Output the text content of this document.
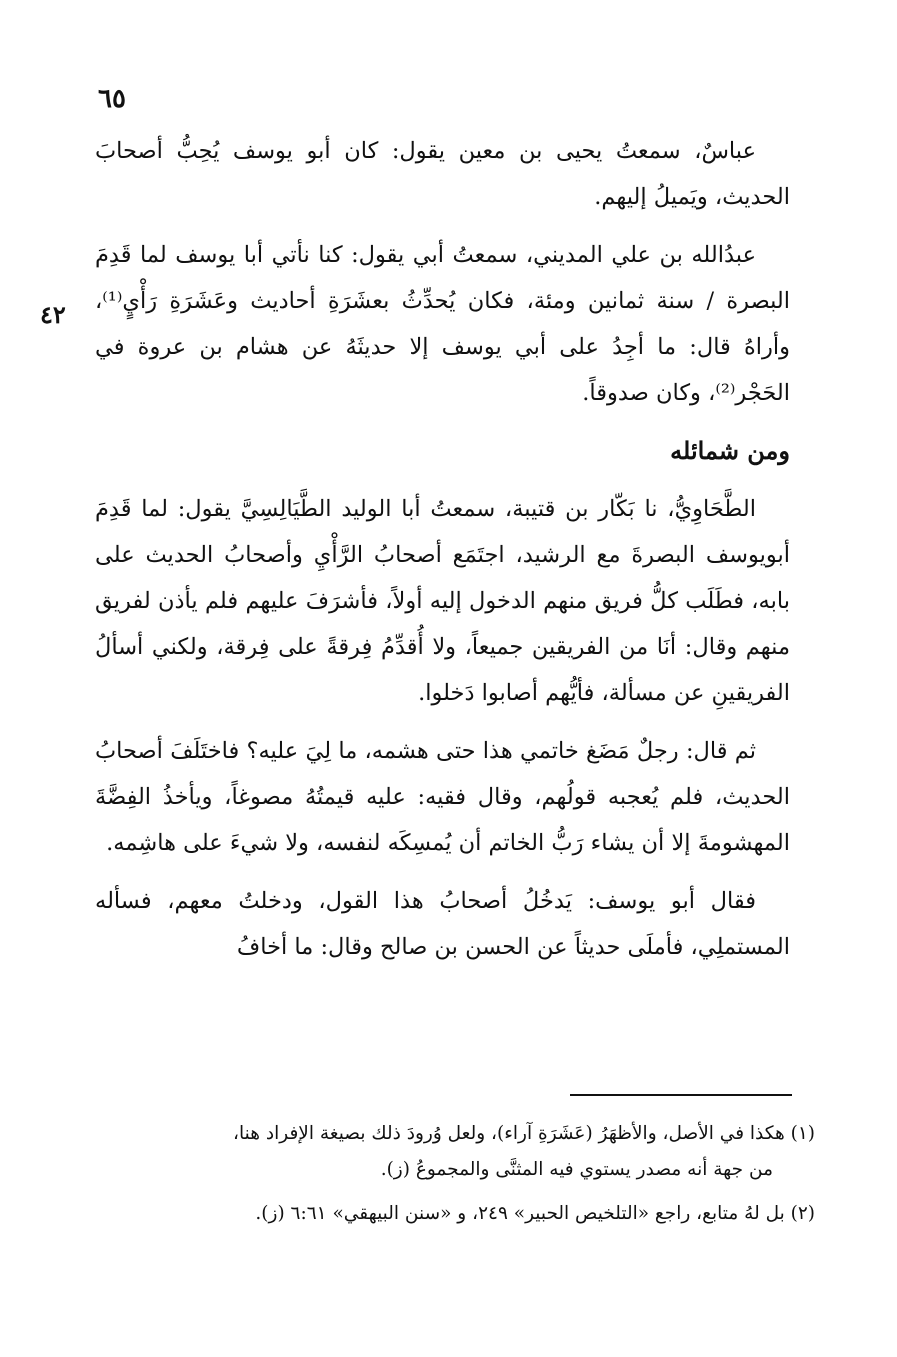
٦٥
٤٢

عباسٌ، سمعتُ يحيى بن معين يقول: كان أبو يوسف يُحِبُّ أصحابَ الحديث، ويَميلُ إليهم.

عبدُالله بن علي المديني، سمعتُ أبي يقول: كنا نأتي أبا يوسف لما قَدِمَ البصرة / سنة ثمانين ومئة، فكان يُحدِّثُ بعشَرَةِ أحاديث وعَشَرَةِ رَأْيٍ⁽¹⁾، وأراهُ قال: ما أجِدُ على أبي يوسف إلا حديثَهُ عن هشام بن عروة في الحَجْر⁽²⁾، وكان صدوقاً.

ومن شمائله

الطَّحَاوِيُّ، نا بَكّار بن قتيبة، سمعتُ أبا الوليد الطَّيَالِسِيَّ يقول: لما قَدِمَ أبويوسف البصرةَ مع الرشيد، اجتَمَع أصحابُ الرَّأْيِ وأصحابُ الحديث على بابه، فطَلَب كلُّ فريق منهم الدخول إليه أولاً، فأشرَفَ عليهم فلم يأذن لفريق منهم وقال: أنَا من الفريقين جميعاً، ولا أُقدِّمُ فِرقةً على فِرقة، ولكني أسألُ الفريقينِ عن مسألة، فأيُّهم أصابوا دَخلوا.

ثم قال: رجلٌ مَضَغ خاتمي هذا حتى هشمه، ما لِيَ عليه؟ فاختَلَفَ أصحابُ الحديث، فلم يُعجبه قولُهم، وقال فقيه: عليه قيمتُهُ مصوغاً، ويأخذُ الفِضَّةَ المهشومةَ إلا أن يشاء رَبُّ الخاتم أن يُمسِكَه لنفسه، ولا شيءَ على هاشِمه.

فقال أبو يوسف: يَدخُلُ أصحابُ هذا القول، ودخلتُ معهم، فسأله المستملِي، فأملَى حديثاً عن الحسن بن صالح وقال: ما أخافُ

(١) هكذا في الأصل، والأظهَرُ (عَشَرَةِ آراء)، ولعل وُرودَ ذلك بصيغة الإفراد هنا،
من جهة أنه مصدر يستوي فيه المثنَّى والمجموعُ (ز).
(٢) بل لهُ متابع، راجع «التلخيص الحبير» ٢٤٩، و «سنن البيهقي» ٦:٦١ (ز).
